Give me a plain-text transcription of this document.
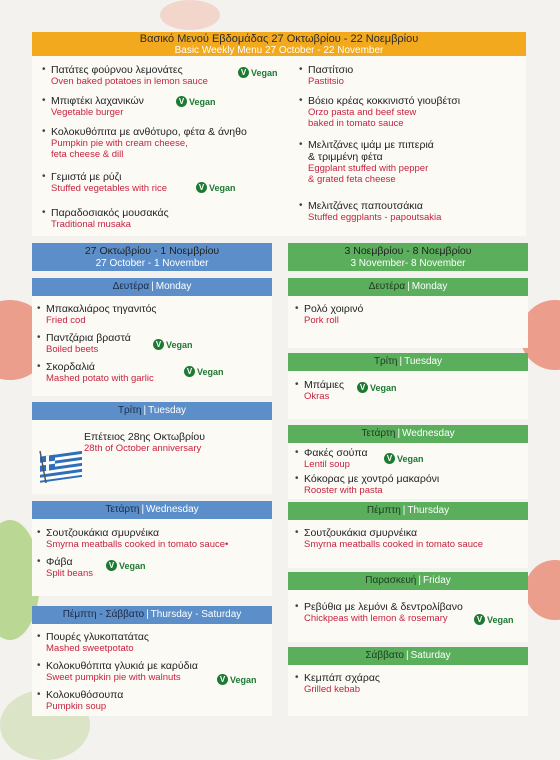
Βασικό Μενού Εβδομάδας 27 Οκτωβρίου - 22 Νοεμβρίου
Basic Weekly Menu 27 October - 22 November
• Πατάτες φούρνου λεμονάτες
Oven baked potatoes in lemon sauce
V Vegan
• Μπιφτέκι λαχανικών
Vegetable burger
V Vegan
• Κολοκυθόπιτα με ανθότυρο, φέτα & άνηθο
Pumpkin pie with cream cheese,
feta cheese & dill
• Γεμιστά με ρύζι
Stuffed vegetables with rice	V Vegan
• Παραδοσιακός μουσακάς
Traditional musaka
• Παστίτσιο
Pastitsio
• Βόειο κρέας κοκκινιστό γιουβέτσι
Orzo pasta and beef stew
baked in tomato sauce
• Μελιτζάνες ιμάμ με πιπεριά
& τριμμένη φέτα
Eggplant stuffed with pepper
& grated feta cheese
• Μελιτζάνες παπουτσάκια
Stuffed eggplants - papoutsakia
27 Οκτωβρίου - 1 Νοεμβρίου
27 October - 1 November
3 Νοεμβρίου - 8 Νοεμβρίου
3 November- 8 November
Δευτέρα | Monday
• Μπακαλιάρος τηγανιτός
Fried cod
• Παντζάρια βραστά
Boiled beets	V Vegan
• Σκορδαλιά
Mashed potato with garlic
V Vegan
Τρίτη | Tuesday
Επέτειος 28ης Οκτωβρίου
28th of October anniversary
Τετάρτη | Wednesday
• Σουτζουκάκια σμυρνέικα
Smyrna meatballs cooked in tomato sauce•
• Φάβα
Split beans
V Vegan
Πέμπτη - Σάββατο | Thursday - Saturday
• Πουρές γλυκοπατάτας
Mashed sweetpotato
• Κολοκυθόπιτα γλυκιά με καρύδια
Sweet pumpkin pie with walnuts	V Vegan
• Κολοκυθόσουπα
Pumpkin soup
Δευτέρα | Monday
• Ρολό χοιρινό
Pork roll
Τρίτη | Tuesday
• Μπάμιες
Okras
V Vegan
Τετάρτη | Wednesday
• Φακές σούπα
Lentil soup
V Vegan
• Κόκορας με χοντρό μακαρόνι
Rooster with pasta
Πέμπτη | Thursday
• Σουτζουκάκια σμυρνέικα
Smyrna meatballs cooked in tomato sauce
Παρασκευή | Friday
• Ρεβύθια με λεμόνι & δεντρολίβανο
Chickpeas with lemon & rosemary	V Vegan
Σάββατο | Saturday
• Κεμπάπ σχάρας
Grilled kebab
